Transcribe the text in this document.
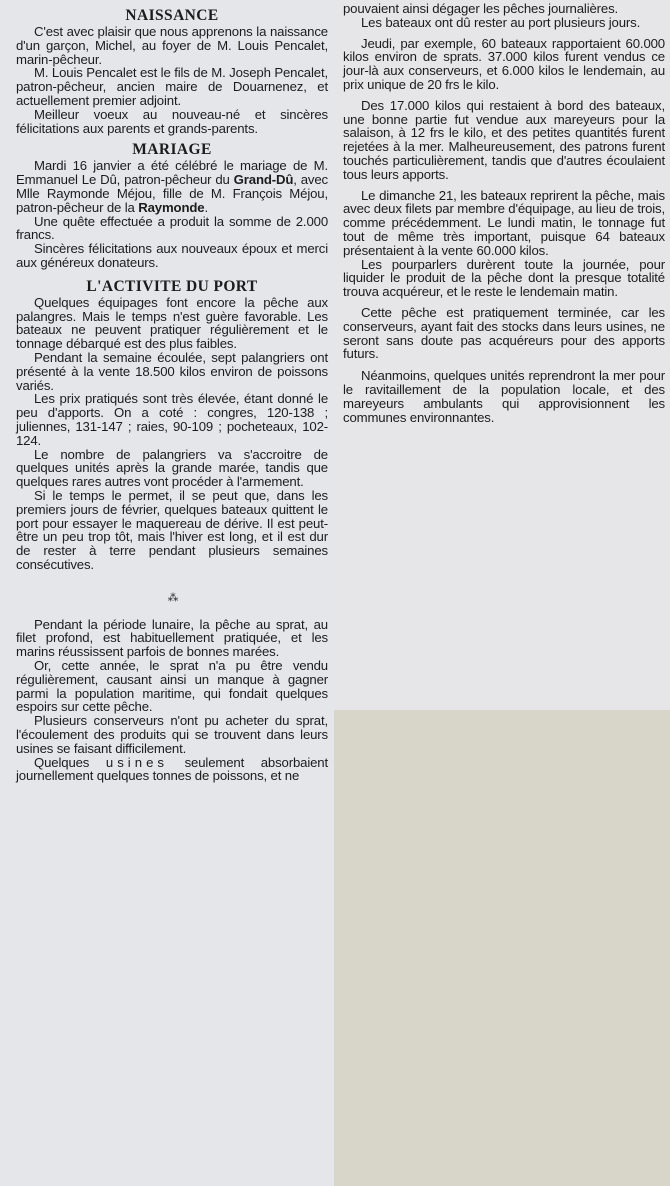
NAISSANCE

C'est avec plaisir que nous apprenons la naissance d'un garçon, Michel, au foyer de M. Louis Pencalet, marin-pêcheur.

M. Louis Pencalet est le fils de M. Joseph Pencalet, patron-pêcheur, ancien maire de Douarnenez, et actuellement premier adjoint.

Meilleur voeux au nouveau-né et sincères félicitations aux parents et grands-parents.

MARIAGE

Mardi 16 janvier a été célébré le mariage de M. Emmanuel Le Dû, patron-pêcheur du Grand-Dû, avec Mlle Raymonde Méjou, fille de M. François Méjou, patron-pêcheur de la Raymonde.

Une quête effectuée a produit la somme de 2.000 francs.

Sincères félicitations aux nouveaux époux et merci aux généreux donateurs.

L'ACTIVITE DU PORT

Quelques équipages font encore la pêche aux palangres. Mais le temps n'est guère favorable. Les bateaux ne peuvent pratiquer régulièrement et le tonnage débarqué est des plus faibles.

Pendant la semaine écoulée, sept palangriers ont présenté à la vente 18.500 kilos environ de poissons variés.

Les prix pratiqués sont très élevée, étant donné le peu d'apports. On a coté : congres, 120-138 ; juliennes, 131-147 ; raies, 90-109 ; pocheteaux, 102-124.

Le nombre de palangriers va s'accroitre de quelques unités après la grande marée, tandis que quelques rares autres vont procéder à l'armement.

Si le temps le permet, il se peut que, dans les premiers jours de février, quelques bateaux quittent le port pour essayer le maquereau de dérive. Il est peut-être un peu trop tôt, mais l'hiver est long, et il est dur de rester à terre pendant plusieurs semaines consécutives.

⁂

Pendant la période lunaire, la pêche au sprat, au filet profond, est habituellement pratiquée, et les marins réussissent parfois de bonnes marées.

Or, cette année, le sprat n'a pu être vendu régulièrement, causant ainsi un manque à gagner parmi la population maritime, qui fondait quelques espoirs sur cette pêche.

Plusieurs conserveurs n'ont pu acheter du sprat, l'écoulement des produits qui se trouvent dans leurs usines se faisant difficilement.

Quelques usines seulement absorbaient journellement quelques tonnes de poissons, et ne

pouvaient ainsi dégager les pêches journalières.

Les bateaux ont dû rester au port plusieurs jours.

Jeudi, par exemple, 60 bateaux rapportaient 60.000 kilos environ de sprats. 37.000 kilos furent vendus ce jour-là aux conserveurs, et 6.000 kilos le lendemain, au prix unique de 20 frs le kilo.

Des 17.000 kilos qui restaient à bord des bateaux, une bonne partie fut vendue aux mareyeurs pour la salaison, à 12 frs le kilo, et des petites quantités furent rejetées à la mer. Malheureusement, des patrons furent touchés particulièrement, tandis que d'autres écoulaient tous leurs apports.

Le dimanche 21, les bateaux reprirent la pêche, mais avec deux filets par membre d'équipage, au lieu de trois, comme précédemment. Le lundi matin, le tonnage fut tout de même très important, puisque 64 bateaux présentaient à la vente 60.000 kilos.

Les pourparlers durèrent toute la journée, pour liquider le produit de la pêche dont la presque totalité trouva acquéreur, et le reste le lendemain matin.

Cette pêche est pratiquement terminée, car les conserveurs, ayant fait des stocks dans leurs usines, ne seront sans doute pas acquéreurs pour des apports futurs.

Néanmoins, quelques unités reprendront la mer pour le ravitaillement de la population locale, et des mareyeurs ambulants qui approvisionnent les communes environnantes.
